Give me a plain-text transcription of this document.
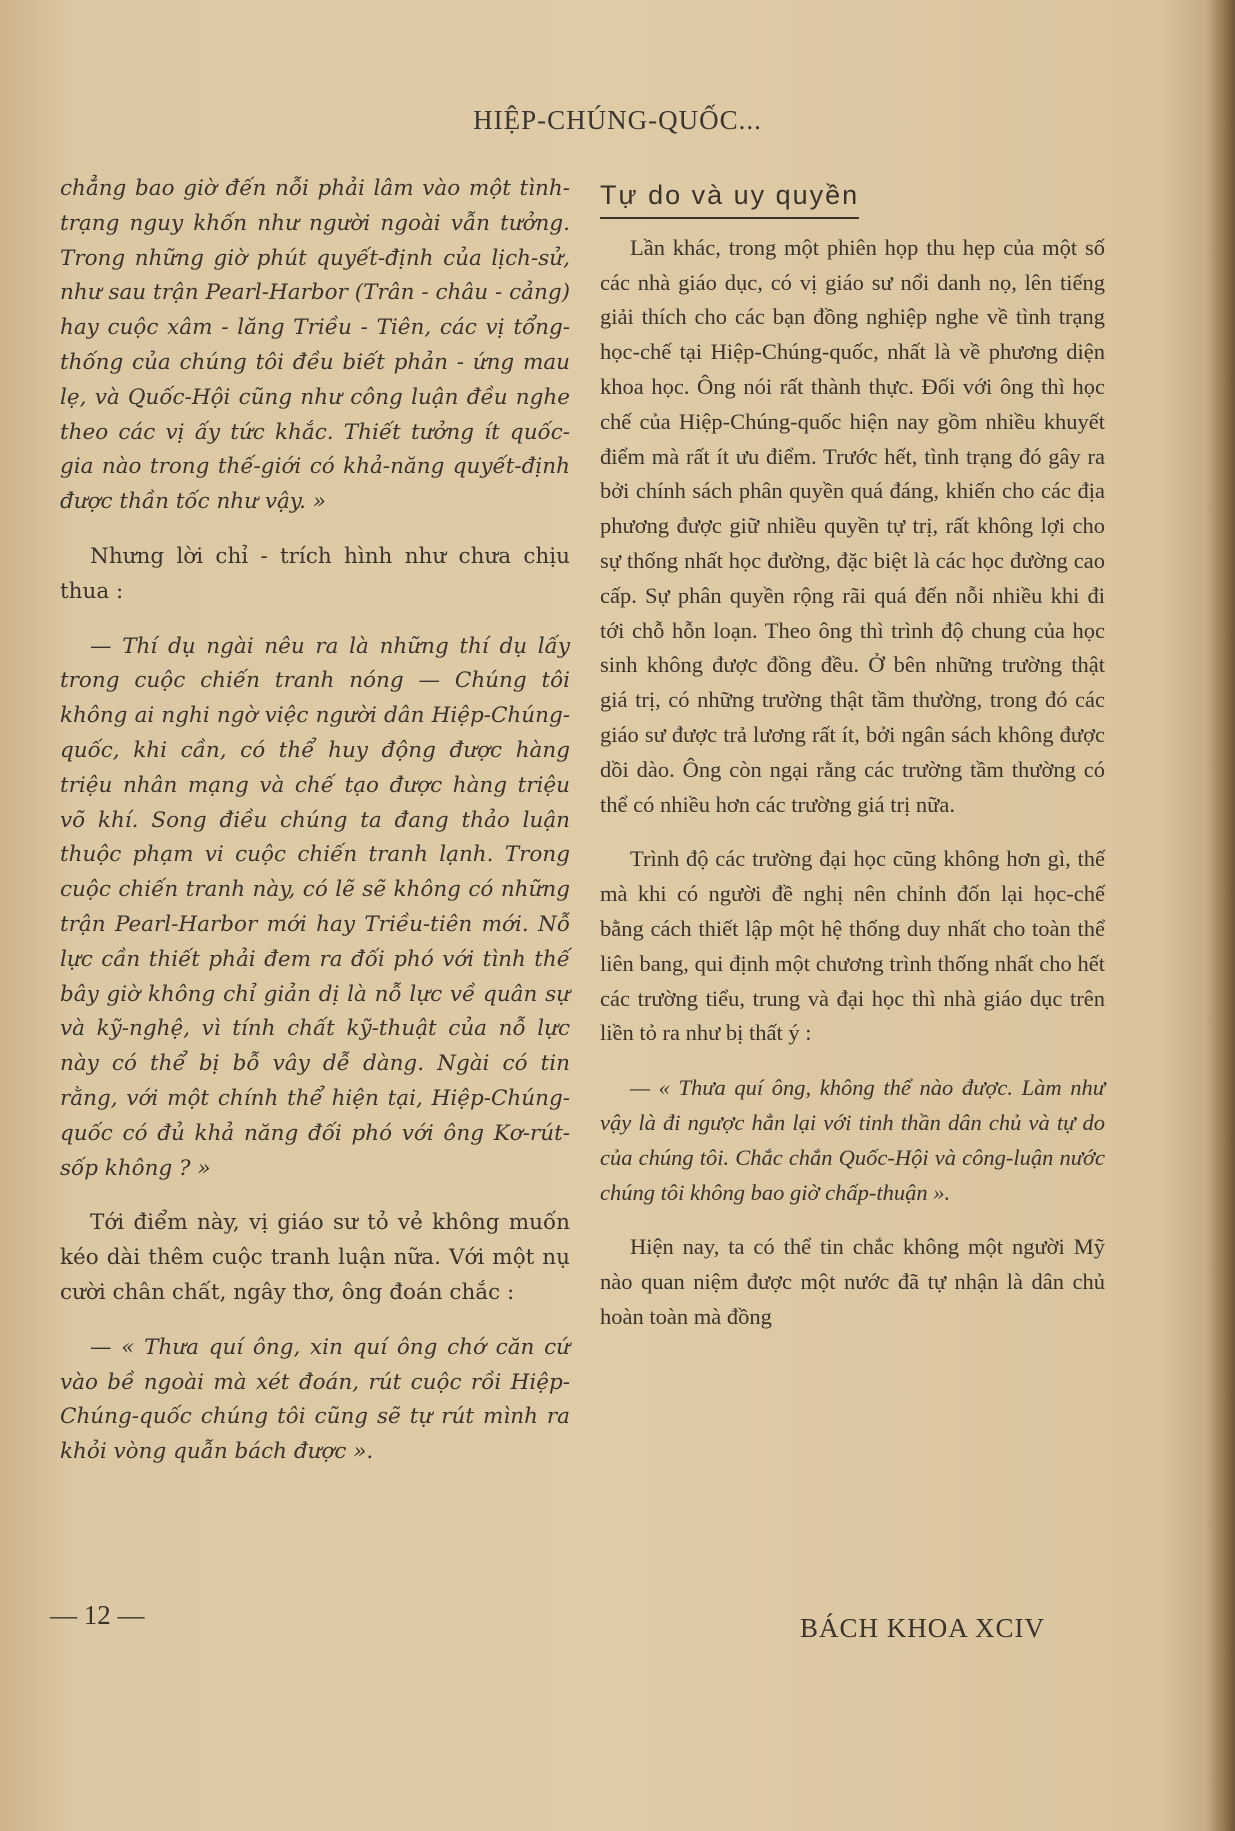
HIỆP-CHÚNG-QUỐC...

chẳng bao giờ đến nỗi phải lâm vào một tình-trạng nguy khốn như người ngoài vẫn tưởng. Trong những giờ phút quyết-định của lịch-sử, như sau trận Pearl-Harbor (Trân - châu - cảng) hay cuộc xâm - lăng Triều - Tiên, các vị tổng-thống của chúng tôi đều biết phản - ứng mau lẹ, và Quốc-Hội cũng như công luận đều nghe theo các vị ấy tức khắc. Thiết tưởng ít quốc-gia nào trong thế-giới có khả-năng quyết-định được thần tốc như vậy. »

Nhưng lời chỉ - trích hình như chưa chịu thua :

— Thí dụ ngài nêu ra là những thí dụ lấy trong cuộc chiến tranh nóng — Chúng tôi không ai nghi ngờ việc người dân Hiệp-Chúng-quốc, khi cần, có thể huy động được hàng triệu nhân mạng và chế tạo được hàng triệu võ khí. Song điều chúng ta đang thảo luận thuộc phạm vi cuộc chiến tranh lạnh. Trong cuộc chiến tranh này, có lẽ sẽ không có những trận Pearl-Harbor mới hay Triều-tiên mới. Nỗ lực cần thiết phải đem ra đối phó với tình thế bây giờ không chỉ giản dị là nỗ lực về quân sự và kỹ-nghệ, vì tính chất kỹ-thuật của nỗ lực này có thể bị bỗ vây dễ dàng. Ngài có tin rằng, với một chính thể hiện tại, Hiệp-Chúng-quốc có đủ khả năng đối phó với ông Kơ-rút-sốp không ? »

Tới điểm này, vị giáo sư tỏ vẻ không muốn kéo dài thêm cuộc tranh luận nữa. Với một nụ cười chân chất, ngây thơ, ông đoán chắc :

— « Thưa quí ông, xin quí ông chớ căn cứ vào bề ngoài mà xét đoán, rút cuộc rồi Hiệp-Chúng-quốc chúng tôi cũng sẽ tự rút mình ra khỏi vòng quẫn bách được ».

Tự do và uy quyền

Lần khác, trong một phiên họp thu hẹp của một số các nhà giáo dục, có vị giáo sư nổi danh nọ, lên tiếng giải thích cho các bạn đồng nghiệp nghe về tình trạng học-chế tại Hiệp-Chúng-quốc, nhất là về phương diện khoa học. Ông nói rất thành thực. Đối với ông thì học chế của Hiệp-Chúng-quốc hiện nay gồm nhiều khuyết điểm mà rất ít ưu điểm. Trước hết, tình trạng đó gây ra bởi chính sách phân quyền quá đáng, khiến cho các địa phương được giữ nhiều quyền tự trị, rất không lợi cho sự thống nhất học đường, đặc biệt là các học đường cao cấp. Sự phân quyền rộng rãi quá đến nỗi nhiều khi đi tới chỗ hỗn loạn. Theo ông thì trình độ chung của học sinh không được đồng đều. Ở bên những trường thật giá trị, có những trường thật tầm thường, trong đó các giáo sư được trả lương rất ít, bởi ngân sách không được dồi dào. Ông còn ngại rằng các trường tầm thường có thể có nhiều hơn các trường giá trị nữa.

Trình độ các trường đại học cũng không hơn gì, thế mà khi có người đề nghị nên chỉnh đốn lại học-chế bằng cách thiết lập một hệ thống duy nhất cho toàn thể liên bang, qui định một chương trình thống nhất cho hết các trường tiểu, trung và đại học thì nhà giáo dục trên liền tỏ ra như bị thất ý :

— « Thưa quí ông, không thể nào được. Làm như vậy là đi ngược hẳn lại với tinh thần dân chủ và tự do của chúng tôi. Chắc chắn Quốc-Hội và công-luận nước chúng tôi không bao giờ chấp-thuận ».

Hiện nay, ta có thể tin chắc không một người Mỹ nào quan niệm được một nước đã tự nhận là dân chủ hoàn toàn mà đồng

— 12 —	BÁCH KHOA XCIV
